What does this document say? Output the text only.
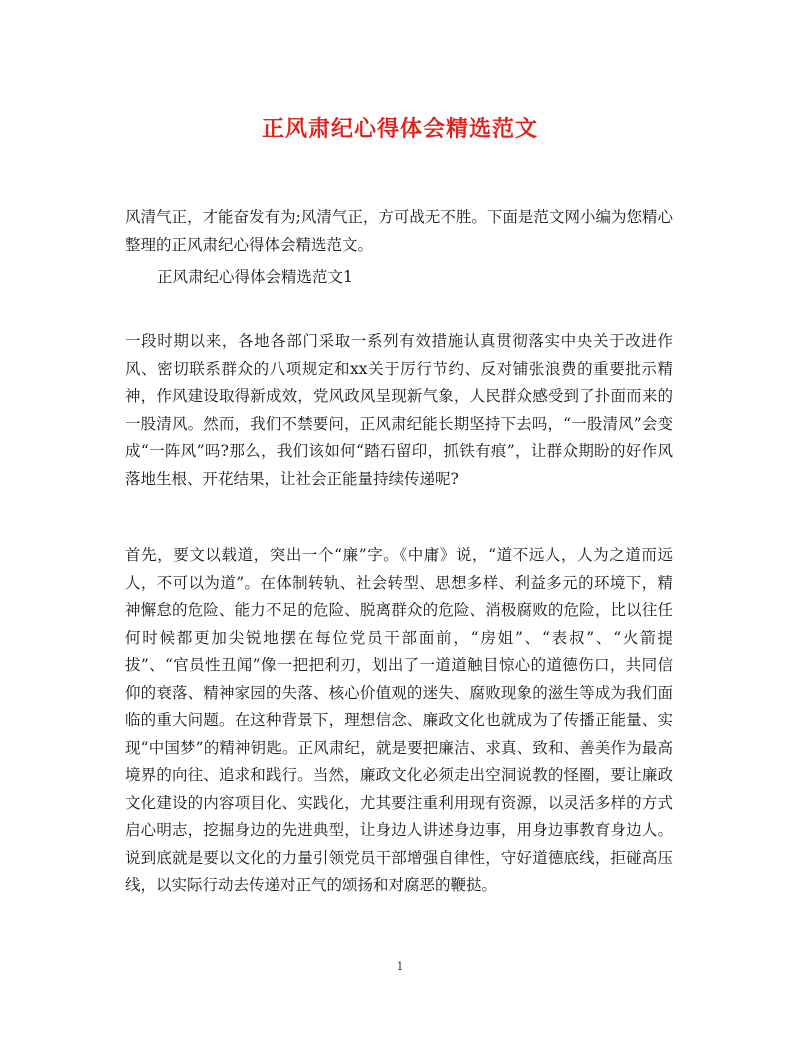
正风肃纪心得体会精选范文
风清气正，才能奋发有为;风清气正，方可战无不胜。下面是范文网小编为您精心整理的正风肃纪心得体会精选范文。
正风肃纪心得体会精选范文1
一段时期以来，各地各部门采取一系列有效措施认真贯彻落实中央关于改进作风、密切联系群众的八项规定和xx关于厉行节约、反对铺张浪费的重要批示精神，作风建设取得新成效，党风政风呈现新气象，人民群众感受到了扑面而来的一股清风。然而，我们不禁要问，正风肃纪能长期坚持下去吗，“一股清风”会变成“一阵风”吗?那么，我们该如何“踏石留印，抓铁有痕”，让群众期盼的好作风落地生根、开花结果，让社会正能量持续传递呢?
首先，要文以载道，突出一个“廉”字。《中庸》说，“道不远人，人为之道而远人，不可以为道”。在体制转轨、社会转型、思想多样、利益多元的环境下，精神懈怠的危险、能力不足的危险、脱离群众的危险、消极腐败的危险，比以往任何时候都更加尖锐地摆在每位党员干部面前，“房姐”、“表叔”、“火箭提拔”、“官员性丑闻”像一把把利刃，划出了一道道触目惊心的道德伤口，共同信仰的衰落、精神家园的失落、核心价值观的迷失、腐败现象的滋生等成为我们面临的重大问题。在这种背景下，理想信念、廉政文化也就成为了传播正能量、实现“中国梦”的精神钥匙。正风肃纪，就是要把廉洁、求真、致和、善美作为最高境界的向往、追求和践行。当然，廉政文化必须走出空洞说教的怪圈，要让廉政文化建设的内容项目化、实践化，尤其要注重利用现有资源，以灵活多样的方式启心明志，挖掘身边的先进典型，让身边人讲述身边事，用身边事教育身边人。说到底就是要以文化的力量引领党员干部增强自律性，守好道德底线，拒碰高压线，以实际行动去传递对正气的颂扬和对腐恶的鞭挞。
1
